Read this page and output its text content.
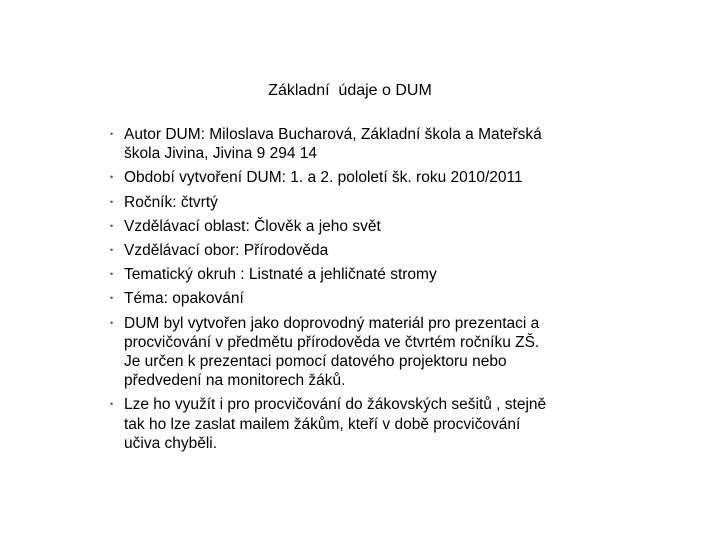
Základní  údaje o DUM
• Autor DUM: Miloslava Bucharová, Základní škola a Mateřská
škola Jivina, Jivina 9 294 14
• Období vytvoření DUM: 1. a 2. pololetí šk. roku 2010/2011
• Ročník: čtvrtý
• Vzdělávací oblast: Člověk a jeho svět
• Vzdělávací obor: Přírodověda
• Tematický okruh : Listnaté a jehličnaté stromy
• Téma: opakování
• DUM byl vytvořen jako doprovodný materiál pro prezentaci a
procvičování v předmětu přírodověda ve čtvrtém ročníku ZŠ.
Je určen k prezentaci pomocí datového projektoru nebo
předvedení na monitorech žáků.
• Lze ho využít i pro procvičování do žákovských sešitů , stejně
tak ho lze zaslat mailem žákům, kteří v době procvičování
učiva chyběli.
